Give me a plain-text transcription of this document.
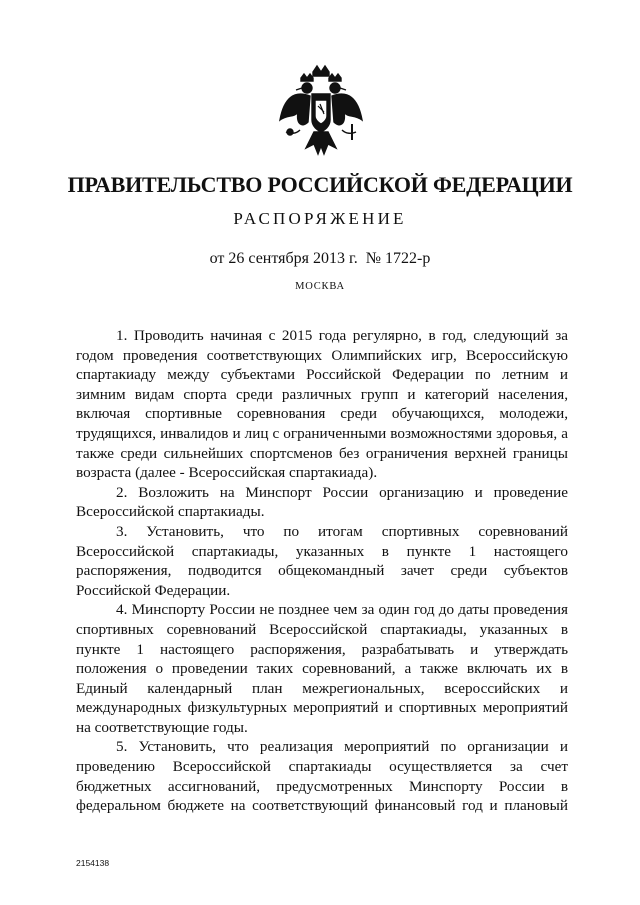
ПРАВИТЕЛЬСТВО РОССИЙСКОЙ ФЕДЕРАЦИИ
РАСПОРЯЖЕНИЕ
от 26 сентября 2013 г.  № 1722-р
МОСКВА

1. Проводить начиная с 2015 года регулярно, в год, следующий за годом проведения соответствующих Олимпийских игр, Всероссийскую спартакиаду между субъектами Российской Федерации по летним и зимним видам спорта среди различных групп и категорий населения, включая спортивные соревнования среди обучающихся, молодежи, трудящихся, инвалидов и лиц с ограниченными возможностями здоровья, а также среди сильнейших спортсменов без ограничения верхней границы возраста (далее - Всероссийская спартакиада).

2. Возложить на Минспорт России организацию и проведение Всероссийской спартакиады.

3. Установить, что по итогам спортивных соревнований Всероссийской спартакиады, указанных в пункте 1 настоящего распоряжения, подводится общекомандный зачет среди субъектов Российской Федерации.

4. Минспорту России не позднее чем за один год до даты проведения спортивных соревнований Всероссийской спартакиады, указанных в пункте 1 настоящего распоряжения, разрабатывать и утверждать положения о проведении таких соревнований, а также включать их в Единый календарный план межрегиональных, всероссийских и международных физкультурных мероприятий и спортивных мероприятий на соответствующие годы.

5. Установить, что реализация мероприятий по организации и проведению Всероссийской спартакиады осуществляется за счет бюджетных ассигнований, предусмотренных Минспорту России в федеральном бюджете на соответствующий финансовый год и плановый

2154138
